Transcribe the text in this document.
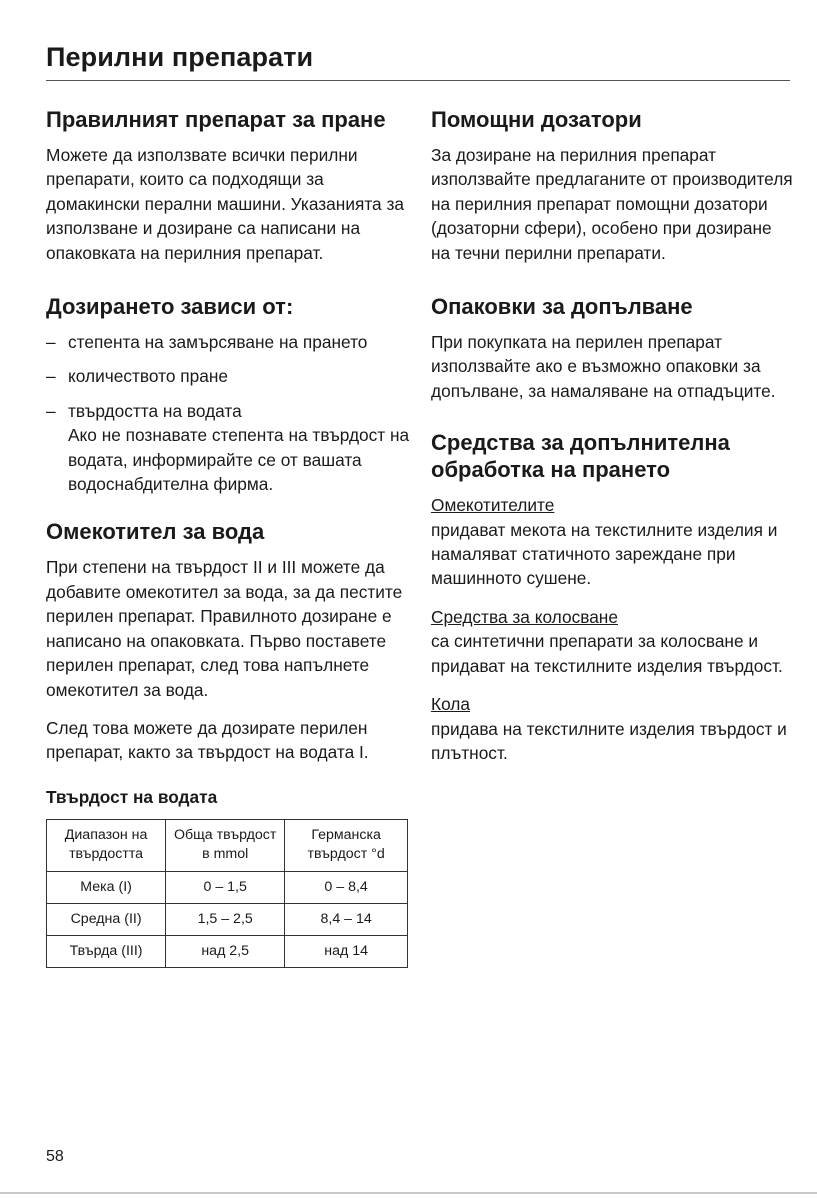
Перилни препарати
Правилният препарат за пране

Можете да използвате всички перилни препарати, които са подходящи за домакински перални машини. Указанията за използване и дозиране са написани на опаковката на перилния препарат.

Дозирането зависи от:
– степента на замърсяване на прането
– количеството пране
– твърдостта на водата
Ако не познавате степента на твърдост на водата, информирайте се от вашата водоснабдителна фирма.
Омекотител за вода

При степени на твърдост II и III можете да добавите омекотител за вода, за да пестите перилен препарат. Правилното дозиране е написано на опаковката. Първо поставете перилен препарат, след това напълнете омекотител за вода.

След това можете да дозирате перилен препарат, както за твърдост на водата I.

Твърдост на водата
Диапазон на твърдостта	Обща твърдост в mmol	Германска твърдост °d
Мека (I)	0 – 1,5	0 – 8,4
Средна (II)	1,5 – 2,5	8,4 – 14
Твърда (III)	над 2,5	над 14
Помощни дозатори

За дозиране на перилния препарат използвайте предлаганите от производителя на перилния препарат помощни дозатори (дозаторни сфери), особено при дозиране на течни перилни препарати.

Опаковки за допълване

При покупката на перилен препарат използвайте ако е възможно опаковки за допълване, за намаляване на отпадъците.

Средства за допълнителна обработка на прането
Омекотителите

придават мекота на текстилните изделия и намаляват статичното зареждане при машинното сушене.

Средства за колосване

са синтетични препарати за колосване и придават на текстилните изделия твърдост.

Кола

придава на текстилните изделия твърдост и плътност.

58
